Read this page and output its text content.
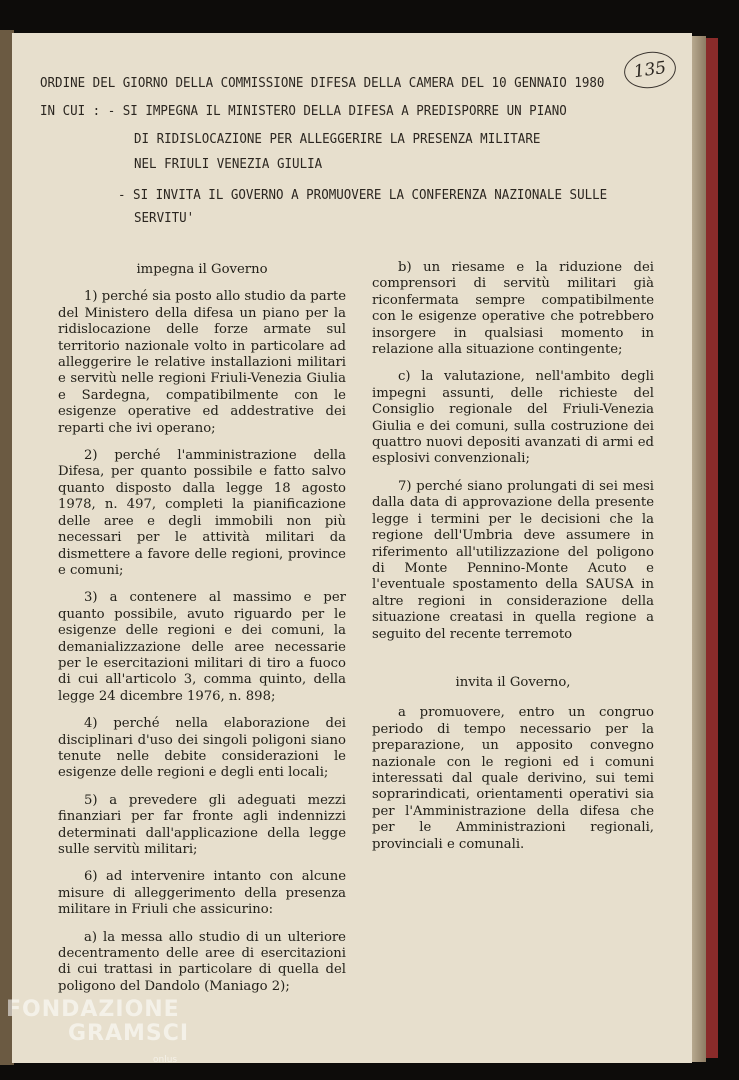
ORDINE DEL GIORNO DELLA COMMISSIONE DIFESA DELLA CAMERA DEL 10 GENNAIO 1980
IN CUI : - SI IMPEGNA IL MINISTERO DELLA DIFESA A PREDISPORRE UN PIANO
DI RIDISLOCAZIONE PER ALLEGGERIRE LA PRESENZA MILITARE
NEL FRIULI VENEZIA GIULIA
- SI INVITA IL GOVERNO A PROMUOVERE LA CONFERENZA NAZIONALE SULLE
SERVITU'
135

impegna il Governo

1) perché sia posto allo studio da parte del Ministero della difesa un piano per la ridislocazione delle forze armate sul territorio nazionale volto in particolare ad alleggerire le relative installazioni militari e servitù nelle regioni Friuli-Venezia Giulia e Sardegna, compatibilmente con le esigenze operative ed addestrative dei reparti che ivi operano;

2) perché l'amministrazione della Difesa, per quanto possibile e fatto salvo quanto disposto dalla legge 18 agosto 1978, n. 497, completi la pianificazione delle aree e degli immobili non più necessari per le attività militari da dismettere a favore delle regioni, province e comuni;

3) a contenere al massimo e per quanto possibile, avuto riguardo per le esigenze delle regioni e dei comuni, la demanializzazione delle aree necessarie per le esercitazioni militari di tiro a fuoco di cui all'articolo 3, comma quinto, della legge 24 dicembre 1976, n. 898;

4) perché nella elaborazione dei disciplinari d'uso dei singoli poligoni siano tenute nelle debite considerazioni le esigenze delle regioni e degli enti locali;

5) a prevedere gli adeguati mezzi finanziari per far fronte agli indennizzi determinati dall'applicazione della legge sulle servitù militari;

6) ad intervenire intanto con alcune misure di alleggerimento della presenza militare in Friuli che assicurino:

a) la messa allo studio di un ulteriore decentramento delle aree di esercitazioni di cui trattasi in particolare di quella del poligono del Dandolo (Maniago 2);

b) un riesame e la riduzione dei comprensori di servitù militari già riconfermata sempre compatibilmente con le esigenze operative che potrebbero insorgere in qualsiasi momento in relazione alla situazione contingente;

c) la valutazione, nell'ambito degli impegni assunti, delle richieste del Consiglio regionale del Friuli-Venezia Giulia e dei comuni, sulla costruzione dei quattro nuovi depositi avanzati di armi ed esplosivi convenzionali;

7) perché siano prolungati di sei mesi dalla data di approvazione della presente legge i termini per le decisioni che la regione dell'Umbria deve assumere in riferimento all'utilizzazione del poligono di Monte Pennino-Monte Acuto e l'eventuale spostamento della SAUSA in altre regioni in considerazione della situazione creatasi in quella regione a seguito del recente terremoto

invita il Governo,

a promuovere, entro un congruo periodo di tempo necessario per la preparazione, un apposito convegno nazionale con le regioni ed i comuni interessati dal quale derivino, sui temi soprarindicati, orientamenti operativi sia per l'Amministrazione della difesa che per le Amministrazioni regionali, provinciali e comunali.

FONDAZIONE
GRAMSCI
onlus
